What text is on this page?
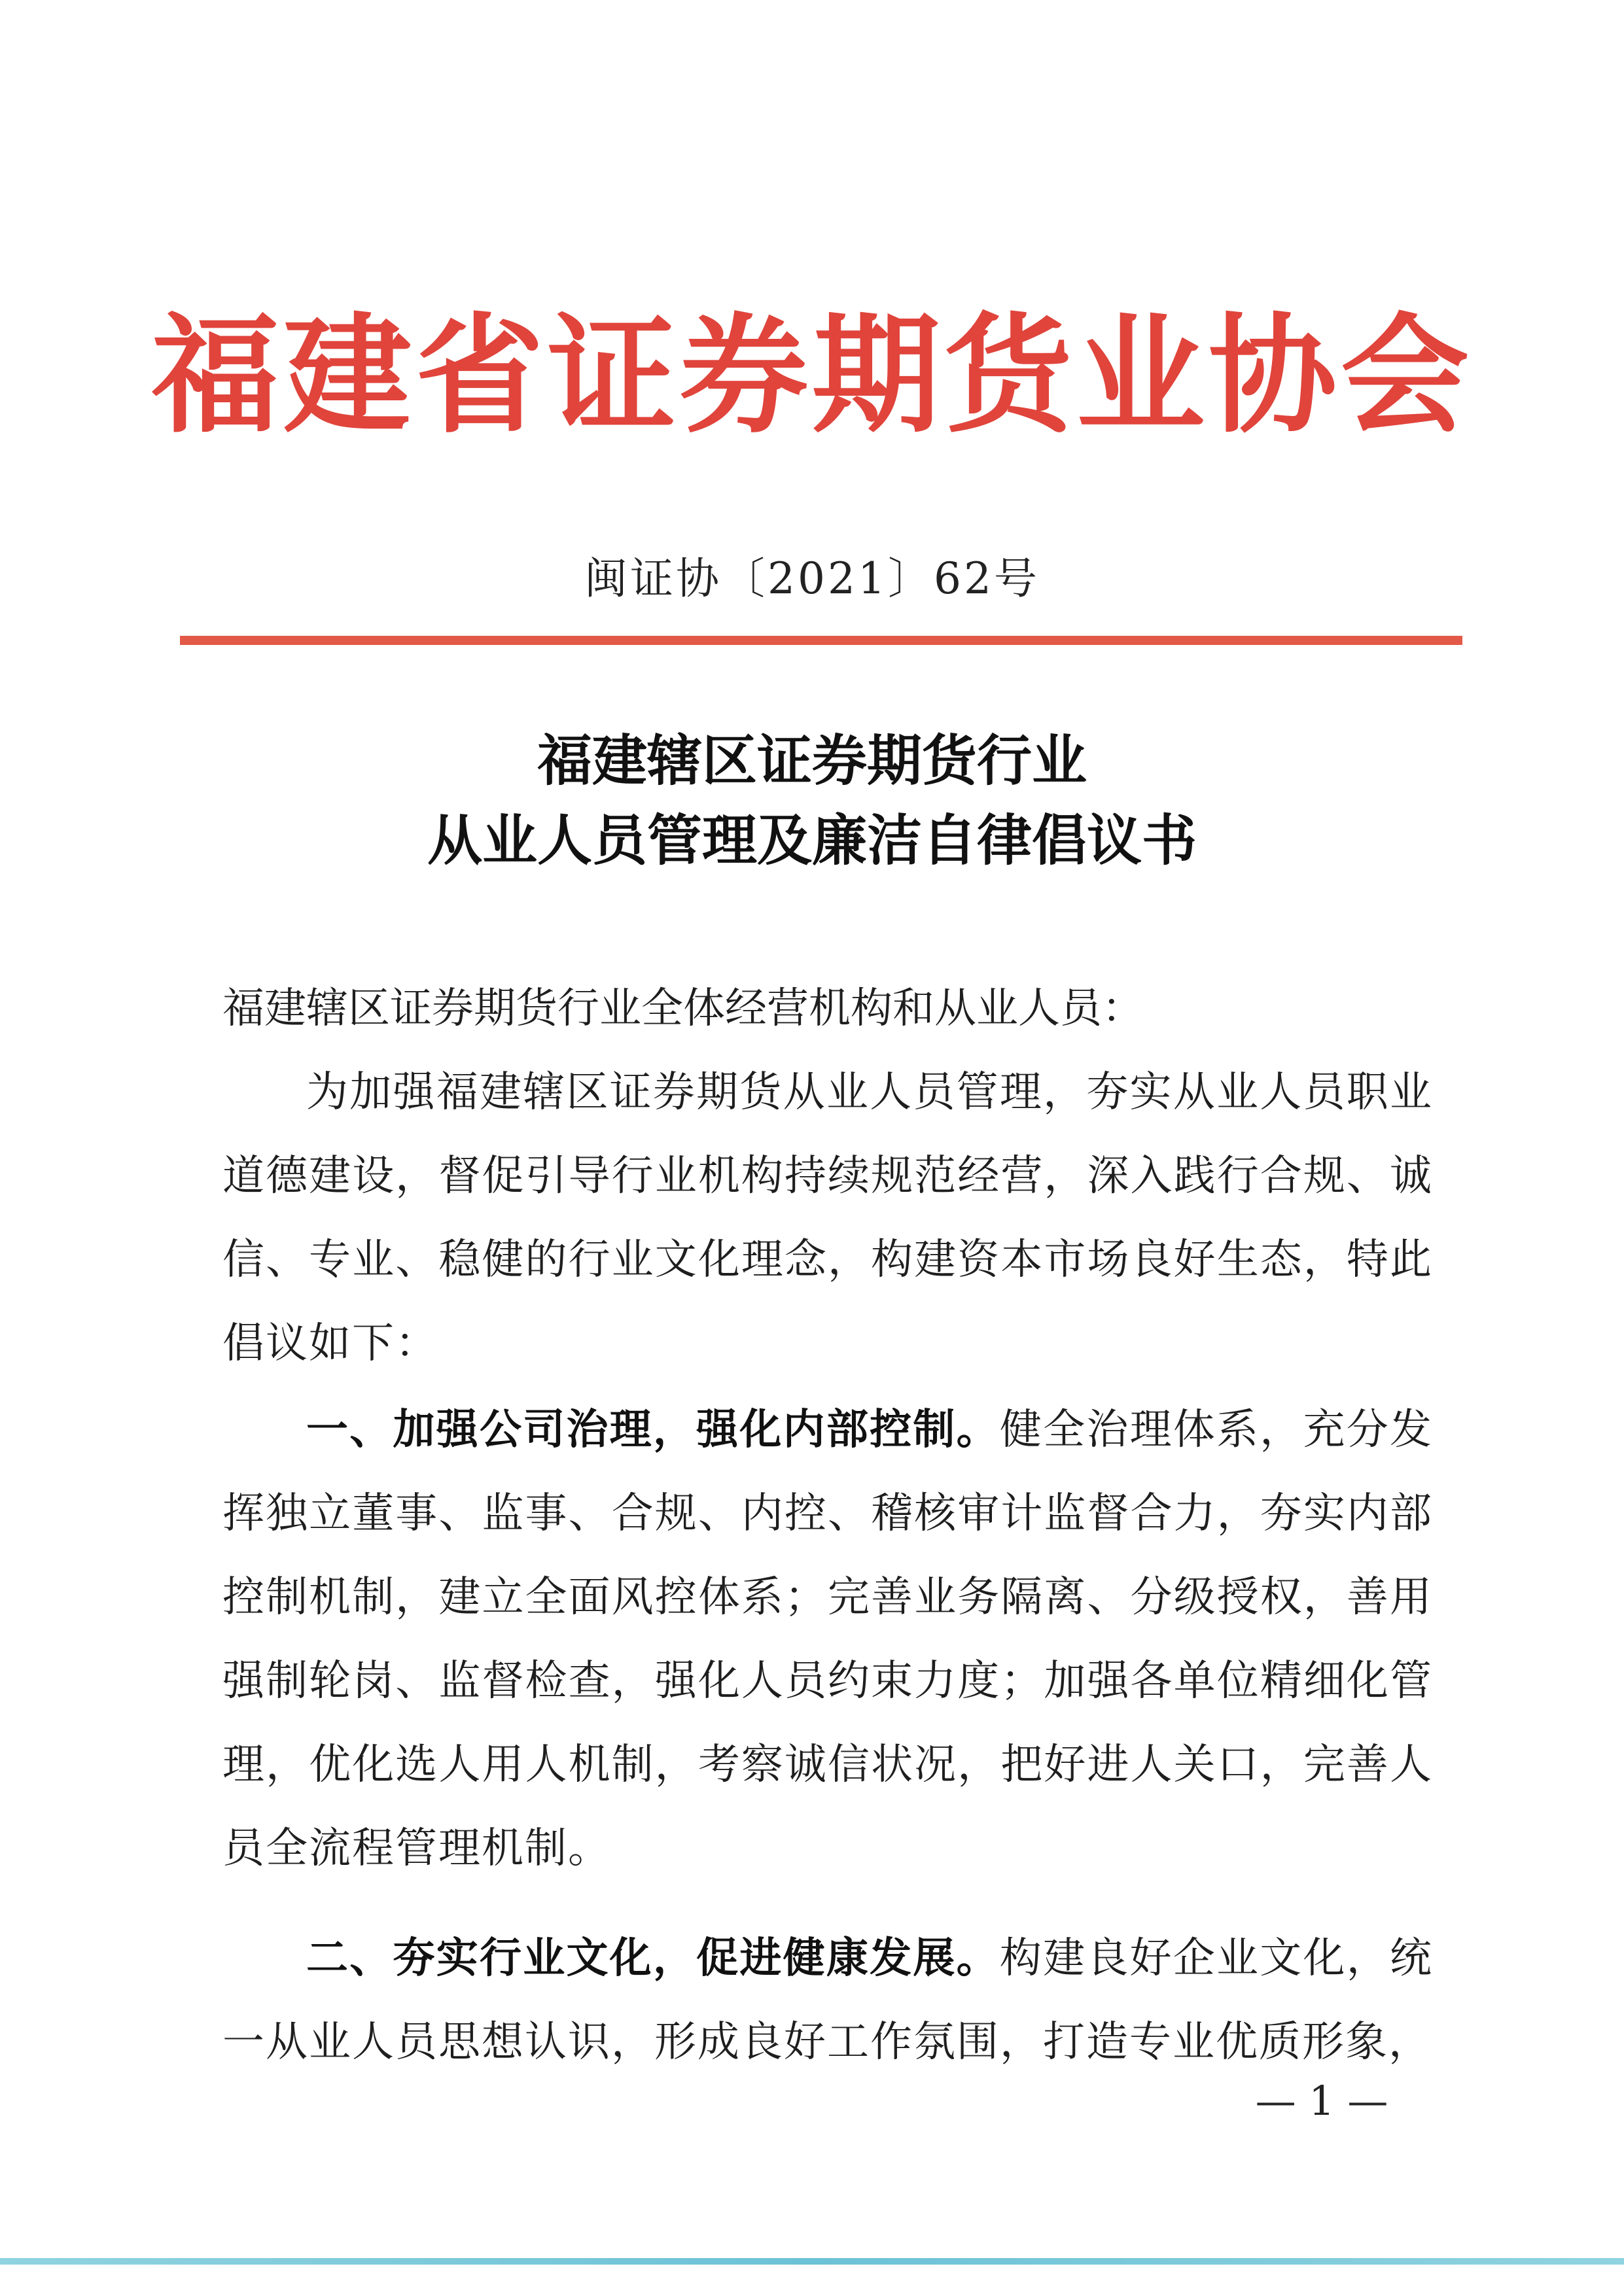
福建省证券期货业协会
闽证协〔2021〕62号
福建辖区证券期货行业
从业人员管理及廉洁自律倡议书
福建辖区证券期货行业全体经营机构和从业人员：

为加强福建辖区证券期货从业人员管理，夯实从业人员职业道德建设，督促引导行业机构持续规范经营，深入践行合规、诚信、专业、稳健的行业文化理念，构建资本市场良好生态，特此倡议如下：

一、加强公司治理，强化内部控制。健全治理体系，充分发挥独立董事、监事、合规、内控、稽核审计监督合力，夯实内部控制机制，建立全面风控体系；完善业务隔离、分级授权，善用强制轮岗、监督检查，强化人员约束力度；加强各单位精细化管理，优化选人用人机制，考察诚信状况，把好进人关口，完善人员全流程管理机制。

二、夯实行业文化，促进健康发展。构建良好企业文化，统一从业人员思想认识，形成良好工作氛围，打造专业优质形象，

— 1 —
